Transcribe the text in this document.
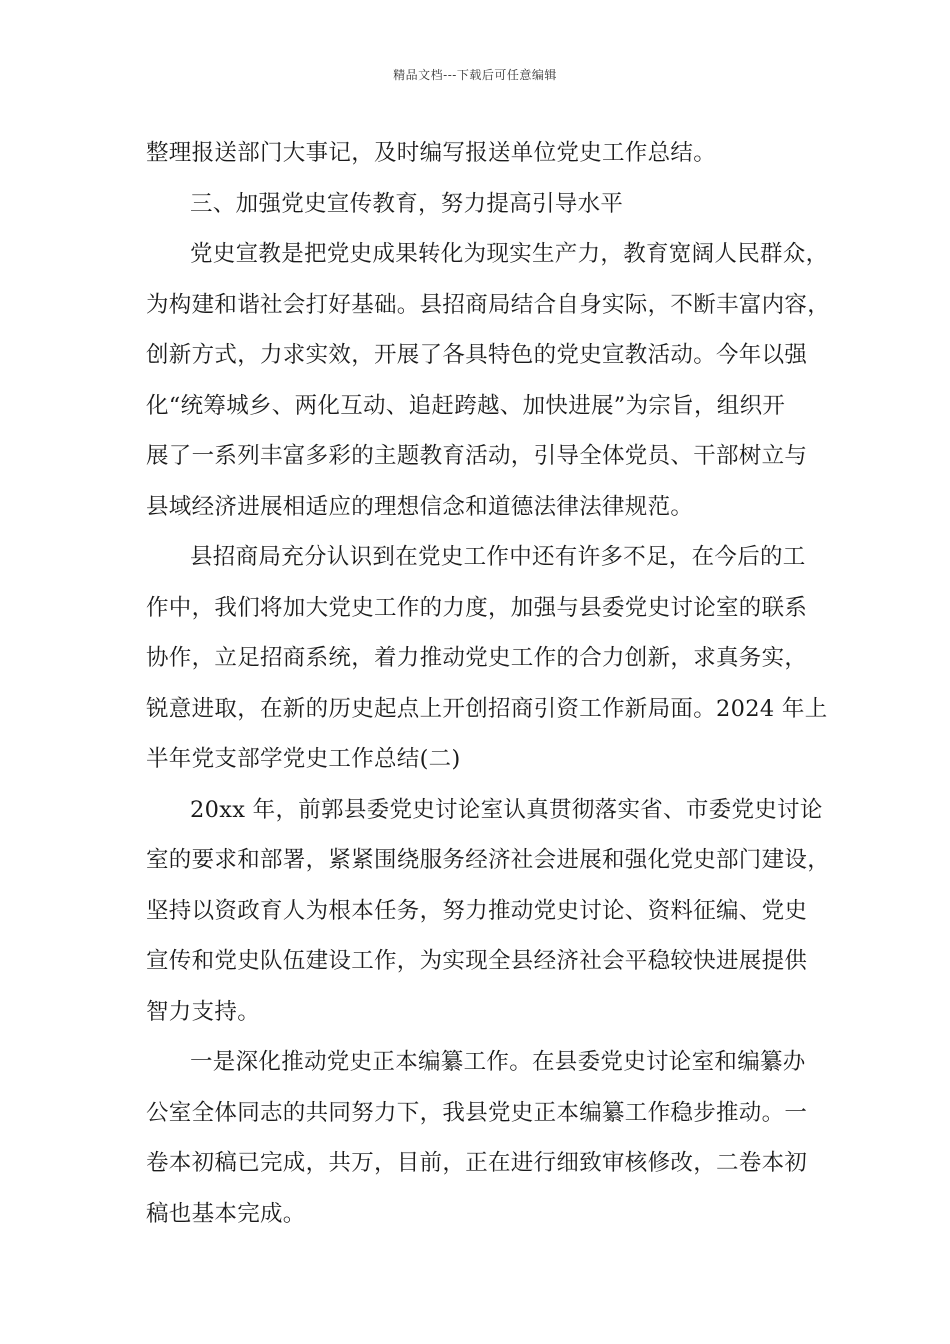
精品文档---下载后可任意编辑
整理报送部门大事记，及时编写报送单位党史工作总结。
三、加强党史宣传教育，努力提高引导水平
党史宣教是把党史成果转化为现实生产力，教育宽阔人民群众，
为构建和谐社会打好基础。县招商局结合自身实际，不断丰富内容，
创新方式，力求实效，开展了各具特色的党史宣教活动。今年以强
化“统筹城乡、两化互动、追赶跨越、加快进展”为宗旨，组织开
展了一系列丰富多彩的主题教育活动，引导全体党员、干部树立与
县域经济进展相适应的理想信念和道德法律法律规范。
县招商局充分认识到在党史工作中还有许多不足，在今后的工
作中，我们将加大党史工作的力度，加强与县委党史讨论室的联系
协作，立足招商系统，着力推动党史工作的合力创新，求真务实，
锐意进取，在新的历史起点上开创招商引资工作新局面。2024 年上
半年党支部学党史工作总结(二)
20xx 年，前郭县委党史讨论室认真贯彻落实省、市委党史讨论
室的要求和部署，紧紧围绕服务经济社会进展和强化党史部门建设，
坚持以资政育人为根本任务，努力推动党史讨论、资料征编、党史
宣传和党史队伍建设工作，为实现全县经济社会平稳较快进展提供
智力支持。
一是深化推动党史正本编纂工作。在县委党史讨论室和编纂办
公室全体同志的共同努力下，我县党史正本编纂工作稳步推动。一
卷本初稿已完成，共万，目前，正在进行细致审核修改，二卷本初
稿也基本完成。
